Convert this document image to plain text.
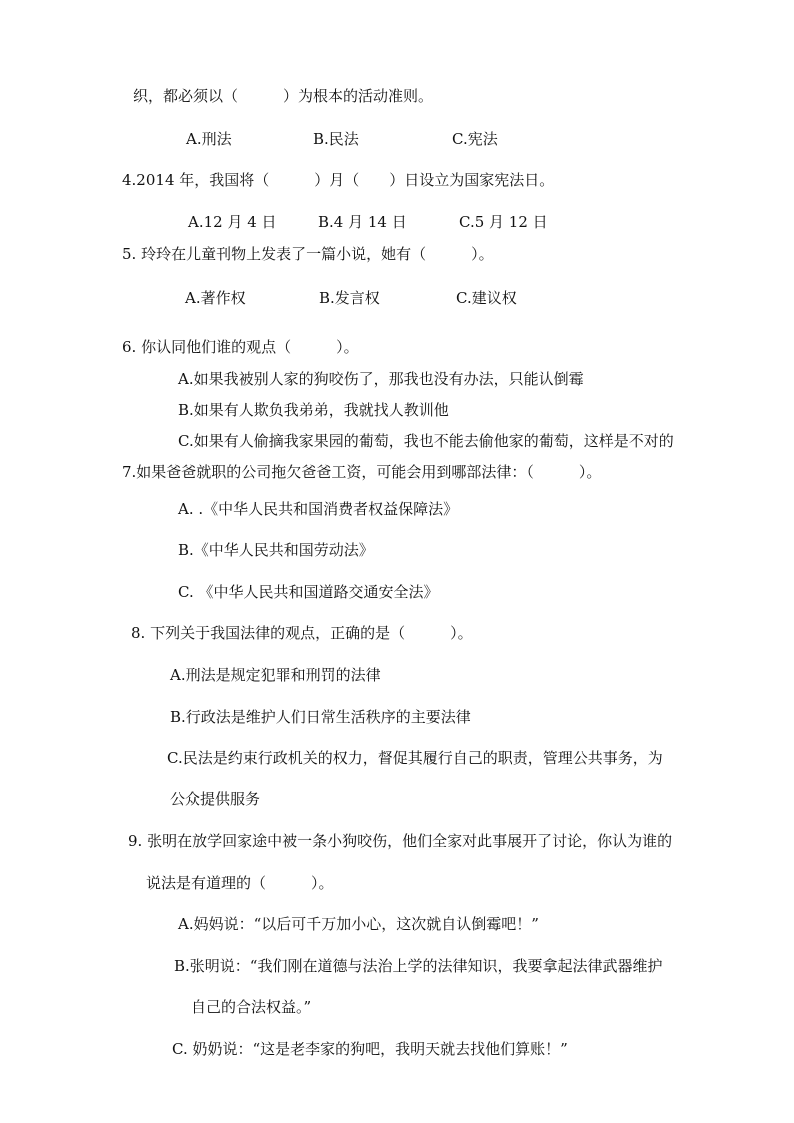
织，都必须以（　　　）为根本的活动准则。
A.刑法	B.民法	C.宪法
4.2014 年，我国将（　　　）月（　　）日设立为国家宪法日。
A.12 月 4 日	B.4 月 14 日	C.5 月 12 日
5. 玲玲在儿童刊物上发表了一篇小说，她有（　　　）。
A.著作权	B.发言权	C.建议权
6. 你认同他们谁的观点（　　　）。
A.如果我被别人家的狗咬伤了，那我也没有办法，只能认倒霉
B.如果有人欺负我弟弟，我就找人教训他
C.如果有人偷摘我家果园的葡萄，我也不能去偷他家的葡萄，这样是不对的
7.如果爸爸就职的公司拖欠爸爸工资，可能会用到哪部法律：（　　　）。
A. .《中华人民共和国消费者权益保障法》
B.《中华人民共和国劳动法》
C. 《中华人民共和国道路交通安全法》
8. 下列关于我国法律的观点，正确的是（　　　）。
A.刑法是规定犯罪和刑罚的法律
B.行政法是维护人们日常生活秩序的主要法律
C.民法是约束行政机关的权力，督促其履行自己的职责，管理公共事务，为
公众提供服务
9. 张明在放学回家途中被一条小狗咬伤，他们全家对此事展开了讨论，你认为谁的
说法是有道理的（　　　）。
A.妈妈说：“以后可千万加小心，这次就自认倒霉吧！”
B.张明说：“我们刚在道德与法治上学的法律知识，我要拿起法律武器维护
自己的合法权益。”
C. 奶奶说：“这是老李家的狗吧，我明天就去找他们算账！”
